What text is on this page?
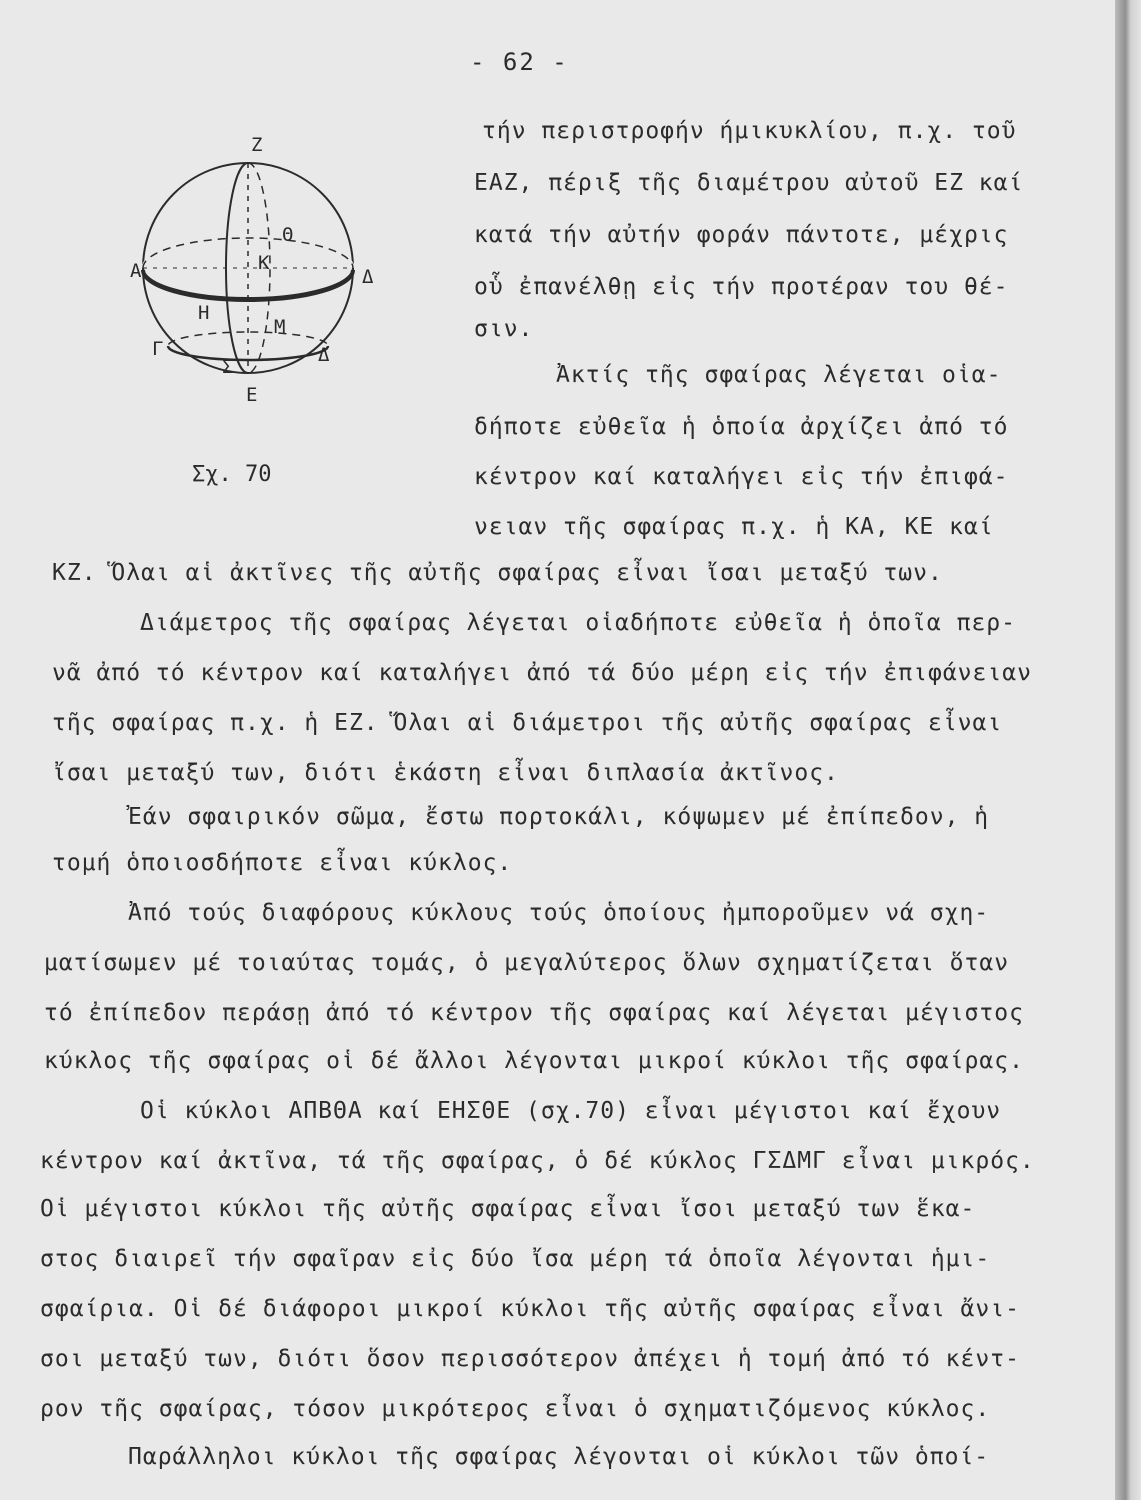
- 62 -
Z
A	Δ
K
Θ
H
M
Γ	Δ
Σ
E
Σχ. 70
τήν περιστροφήν ήμικυκλίου, π.χ. τοῦ
ΕΑΖ, πέριξ τῆς διαμέτρου αὐτοῦ ΕΖ καί
κατά τήν αὐτήν φοράν πάντοτε, μέχρις
οὗ ἐπανέλθῃ εἰς τήν προτέραν του θέ-
σιν.
Ἀκτίς τῆς σφαίρας λέγεται οἱα-
δήποτε εὐθεῖα ἡ ὁποία ἀρχίζει ἀπό τό
κέντρον καί καταλήγει εἰς τήν ἐπιφά-
νειαν τῆς σφαίρας π.χ. ἡ ΚΑ, ΚΕ καί
ΚΖ. Ὅλαι αἱ ἀκτῖνες τῆς αὐτῆς σφαίρας εἶναι ἴσαι μεταξύ των.
Διάμετρος τῆς σφαίρας λέγεται οἱαδήποτε εὐθεῖα ἡ ὁποῖα περ-
νᾶ ἀπό τό κέντρον καί καταλήγει ἀπό τά δύο μέρη εἰς τήν ἐπιφάνειαν
τῆς σφαίρας π.χ. ἡ ΕΖ. Ὅλαι αἱ διάμετροι τῆς αὐτῆς σφαίρας εἶναι
ἴσαι μεταξύ των, διότι ἑκάστη εἶναι διπλασία ἀκτῖνος.
Ἐάν σφαιρικόν σῶμα, ἔστω πορτοκάλι, κόψωμεν μέ ἐπίπεδον, ἡ
τομή ὁποιοσδήποτε εἶναι κύκλος.
Ἀπό τούς διαφόρους κύκλους τούς ὁποίους ἠμποροῦμεν νά σχη-
ματίσωμεν μέ τοιαύτας τομάς, ὁ μεγαλύτερος ὅλων σχηματίζεται ὅταν
τό ἐπίπεδον περάσῃ ἀπό τό κέντρον τῆς σφαίρας καί λέγεται μέγιστος
κύκλος τῆς σφαίρας οἱ δέ ἄλλοι λέγονται μικροί κύκλοι τῆς σφαίρας.
Οἱ κύκλοι ΑΠΒΘΑ καί ΕΗΣΘΕ (σχ.70) εἶναι μέγιστοι καί ἔχουν
κέντρον καί ἀκτῖνα, τά τῆς σφαίρας, ὁ δέ κύκλος ΓΣΔΜΓ εἶναι μικρός.
Οἱ μέγιστοι κύκλοι τῆς αὐτῆς σφαίρας εἶναι ἴσοι μεταξύ των ἕκα-
στος διαιρεῖ τήν σφαῖραν εἰς δύο ἴσα μέρη τά ὁποῖα λέγονται ἡμι-
σφαίρια. Οἱ δέ διάφοροι μικροί κύκλοι τῆς αὐτῆς σφαίρας εἶναι ἄνι-
σοι μεταξύ των, διότι ὅσον περισσότερον ἀπέχει ἡ τομή ἀπό τό κέντ-
ρον τῆς σφαίρας, τόσον μικρότερος εἶναι ὁ σχηματιζόμενος κύκλος.
Παράλληλοι κύκλοι τῆς σφαίρας λέγονται οἱ κύκλοι τῶν ὁποί-
